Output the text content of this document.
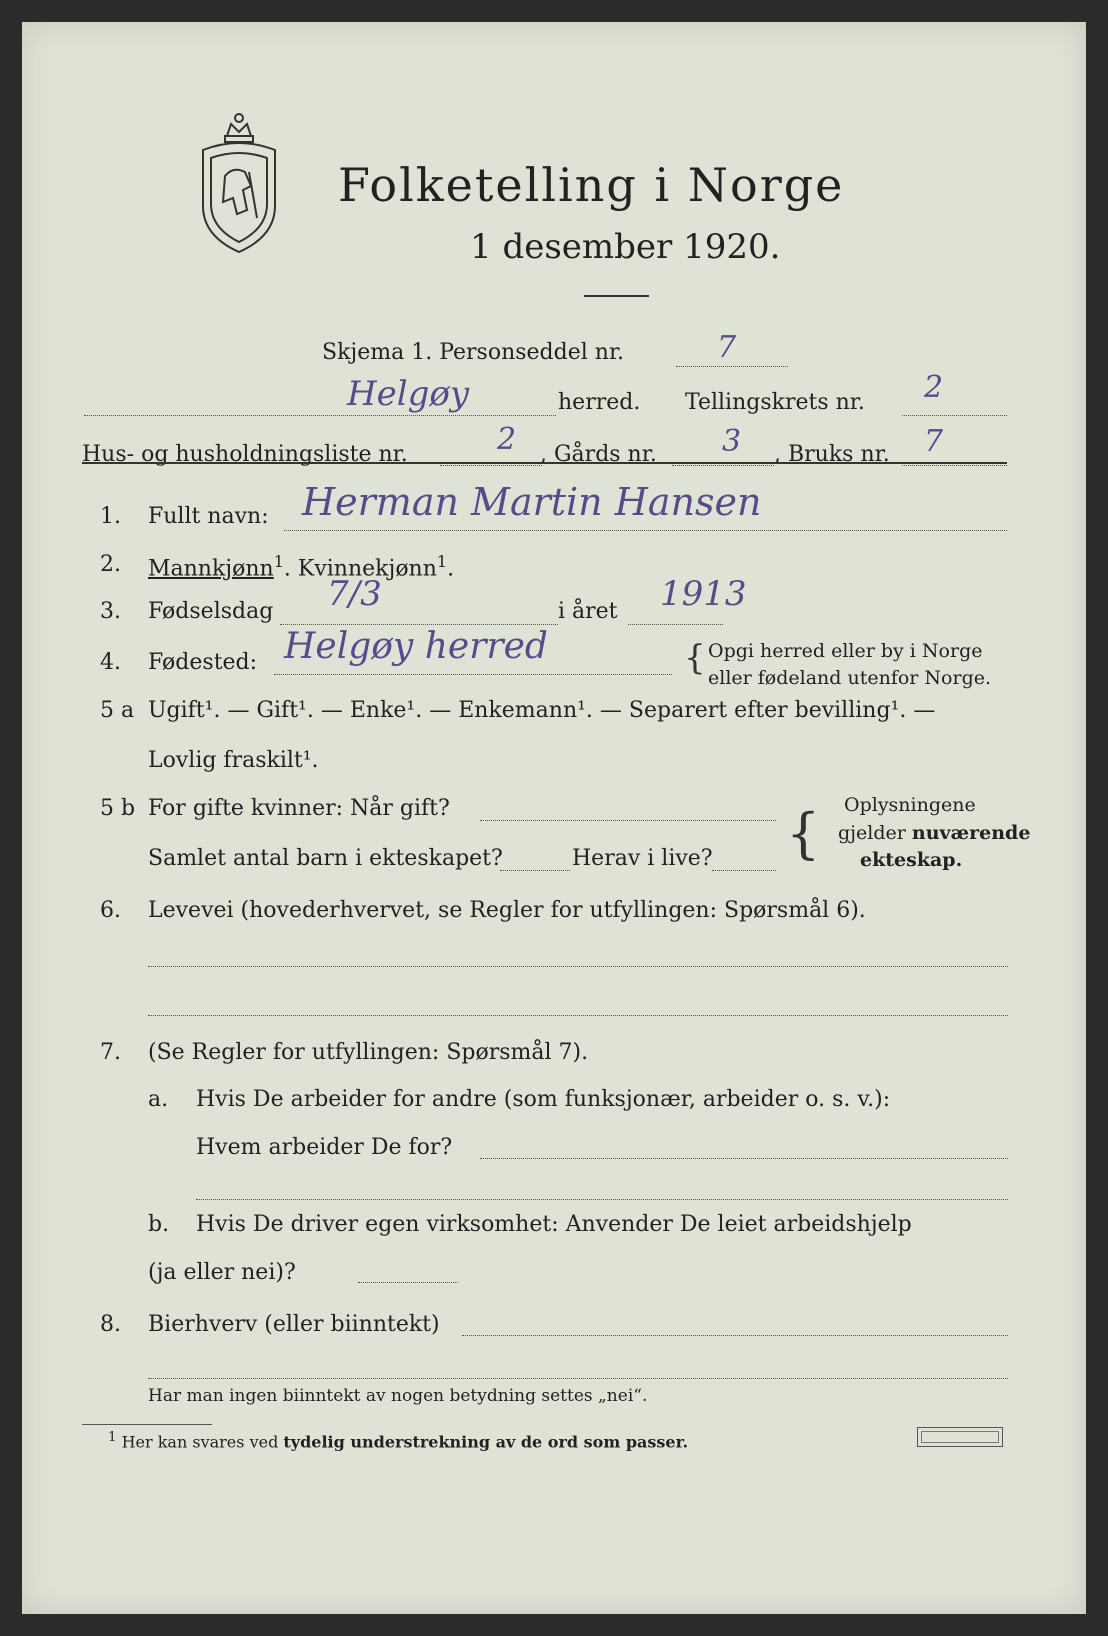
Folketelling i Norge
1 desember 1920.
Skjema 1. Personseddel nr.	7
Helgøy	herred. Tellingskrets nr. 2
Hus- og husholdningsliste nr.	2 , Gårds nr. 3 , Bruks nr. 7
1. Fullt navn: Herman Martin Hansen
2. Mannkjønn$^1$. Kvinnekjønn$^1$.
3. Fødselsdag 7/3	i året 1913
4. Fødested: Helgøy herred	{ Opgi herred eller by i Norge
eller fødeland utenfor Norge.
5 a Ugift¹. — Gift¹. — Enke¹. — Enkemann¹. — Separert efter bevilling¹. —
Lovlig fraskilt¹.
5 b For gifte kvinner: Når gift?
Samlet antal barn i ekteskapet?	Herav i live? { Oplysningene
gjelder nuværende
ekteskap.
6. Levevei (hovederhvervet, se Regler for utfyllingen: Spørsmål 6).
7. (Se Regler for utfyllingen: Spørsmål 7).
a. Hvis De arbeider for andre (som funksjonær, arbeider o. s. v.):
Hvem arbeider De for?
b. Hvis De driver egen virksomhet: Anvender De leiet arbeidshjelp
(ja eller nei)?
8. Bierhverv (eller biinntekt)
Har man ingen biinntekt av nogen betydning settes „nei“.
$^1$ Her kan svares ved tydelig understrekning av de ord som passer.
